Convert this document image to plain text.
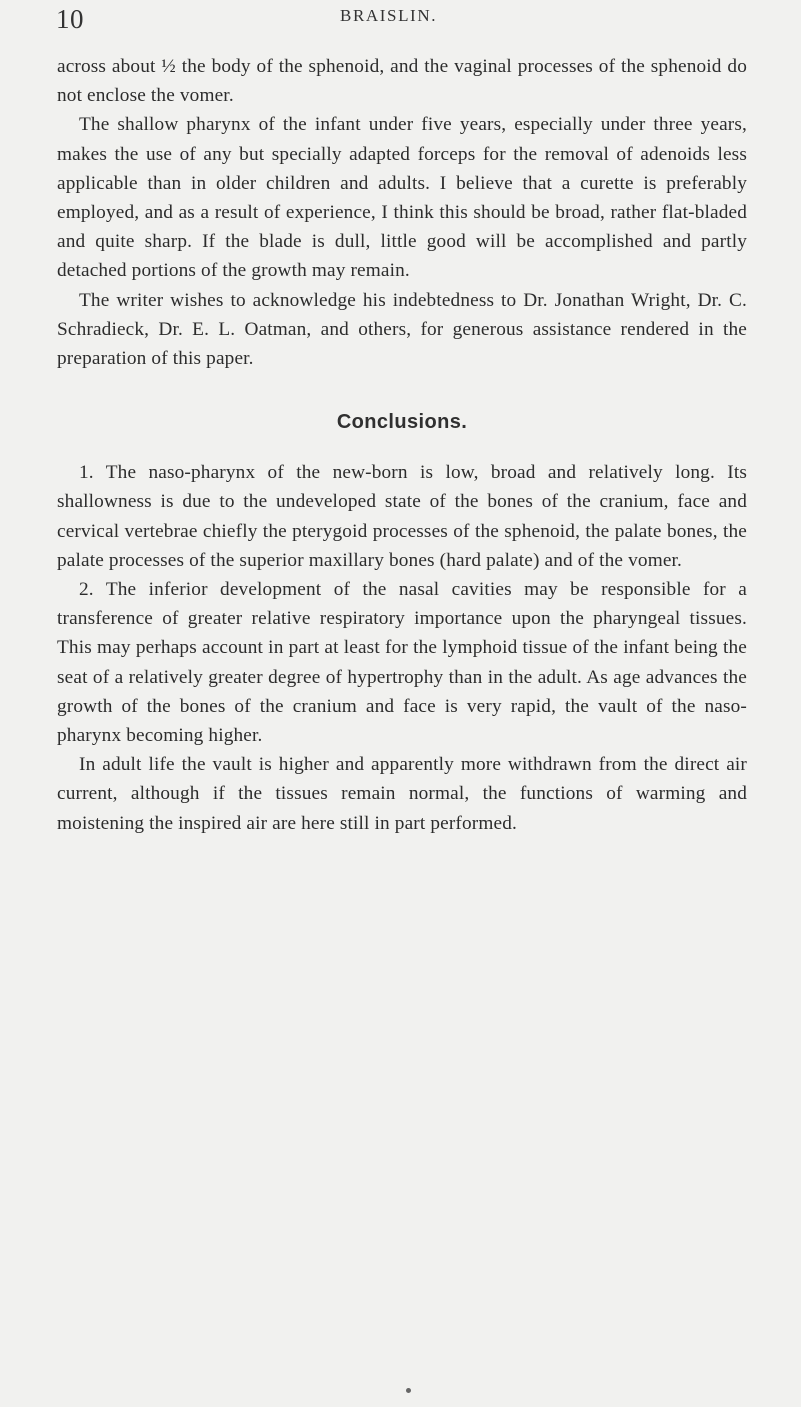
10	BRAISLIN.

across about ½ the body of the sphenoid, and the vaginal processes of the sphenoid do not enclose the vomer.

The shallow pharynx of the infant under five years, especially under three years, makes the use of any but specially adapted forceps for the removal of adenoids less applicable than in older children and adults. I believe that a curette is preferably employed, and as a result of experience, I think this should be broad, rather flat-bladed and quite sharp. If the blade is dull, little good will be accomplished and partly detached portions of the growth may remain.

The writer wishes to acknowledge his indebtedness to Dr. Jonathan Wright, Dr. C. Schradieck, Dr. E. L. Oatman, and others, for generous assistance rendered in the preparation of this paper.

Conclusions.

1. The naso-pharynx of the new-born is low, broad and relatively long. Its shallowness is due to the undeveloped state of the bones of the cranium, face and cervical vertebrae chiefly the pterygoid processes of the sphenoid, the palate bones, the palate processes of the superior maxillary bones (hard palate) and of the vomer.

2. The inferior development of the nasal cavities may be responsible for a transference of greater relative respiratory importance upon the pharyngeal tissues. This may perhaps account in part at least for the lymphoid tissue of the infant being the seat of a relatively greater degree of hypertrophy than in the adult. As age advances the growth of the bones of the cranium and face is very rapid, the vault of the naso-pharynx becoming higher.

In adult life the vault is higher and apparently more withdrawn from the direct air current, although if the tissues remain normal, the functions of warming and moistening the inspired air are here still in part performed.
